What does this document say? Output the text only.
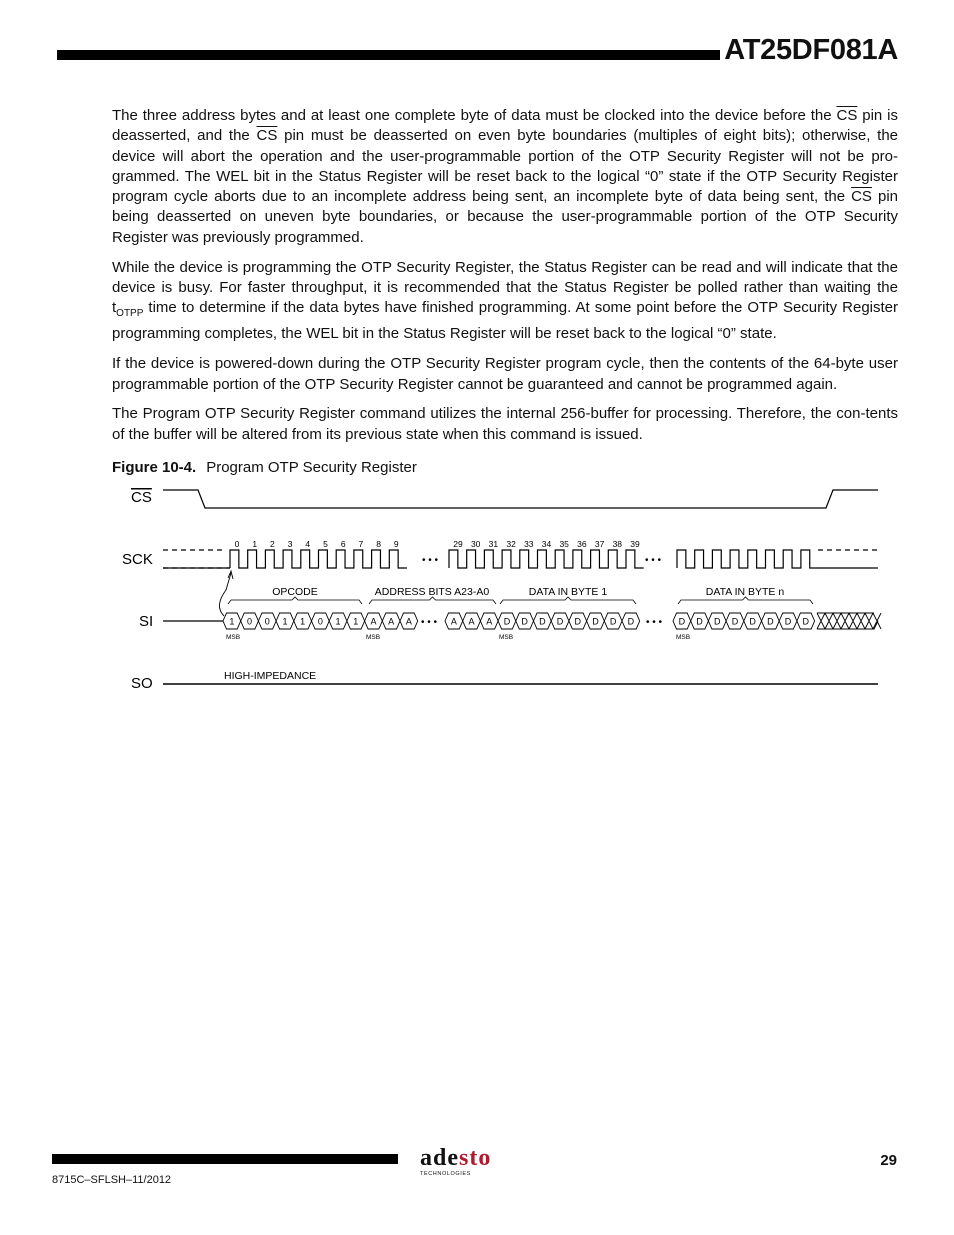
AT25DF081A

The three address bytes and at least one complete byte of data must be clocked into the device before the $\overline{CS}$ pin is deasserted, and the $\overline{CS}$ pin must be deasserted on even byte boundaries (multiples of eight bits); otherwise, the device will abort the operation and the user-programmable portion of the OTP Security Register will not be pro-grammed. The WEL bit in the Status Register will be reset back to the logical “0” state if the OTP Security Register program cycle aborts due to an incomplete address being sent, an incomplete byte of data being sent, the $\overline{CS}$ pin being deasserted on uneven byte boundaries, or because the user-programmable portion of the OTP Security Register was previously programmed.

While the device is programming the OTP Security Register, the Status Register can be read and will indicate that the device is busy. For faster throughput, it is recommended that the Status Register be polled rather than waiting the $t_{OTPP}$ time to determine if the data bytes have finished programming. At some point before the OTP Security Register programming completes, the WEL bit in the Status Register will be reset back to the logical “0” state.

If the device is powered-down during the OTP Security Register program cycle, then the contents of the 64-byte user programmable portion of the OTP Security Register cannot be guaranteed and cannot be programmed again.

The Program OTP Security Register command utilizes the internal 256-buffer for processing. Therefore, the con-tents of the buffer will be altered from its previous state when this command is issued.

Figure 10-4. Program OTP Security Register
• • •	• • •
0 1 2 3 4 5 6 7 8 9	29 30 31 32 33 34 35 36 37 38 39
1 0 0 1 1 0 1 1 A A A	A A A D D D D D D D D	D D D D D D D D
• • •	• • •
MSB	MSB	MSB	MSB
OPCODE	ADDRESS BITS A23-A0	DATA IN BYTE 1	DATA IN BYTE n
CS
SCK
SI
SO	HIGH-IMPEDANCE
adesto
TECHNOLOGIES
29
8715C–SFLSH–11/2012
